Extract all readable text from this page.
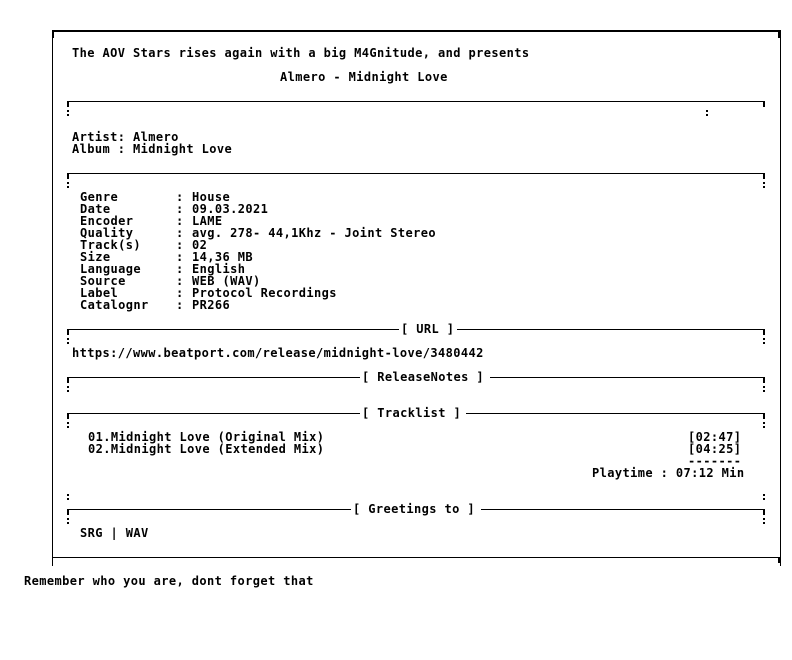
The AOV Stars rises again with a big M4Gnitude, and presents
Almero - Midnight Love
Artist: Almero
Album : Midnight Love
Genre	: House
Date	: 09.03.2021
Encoder	: LAME
Quality	: avg. 278- 44,1Khz - Joint Stereo
Track(s)	: 02
Size	: 14,36 MB
Language	: English
Source	: WEB (WAV)
Label	: Protocol Recordings
Catalognr : PR266
[ URL ]
https://www.beatport.com/release/midnight-love/3480442
[ ReleaseNotes ]
[ Tracklist ]
01.Midnight Love (Original Mix)	[02:47]
02.Midnight Love (Extended Mix)	[04:25]
-------
Playtime : 07:12 Min
[ Greetings to ]
SRG | WAV
Remember who you are, dont forget that
